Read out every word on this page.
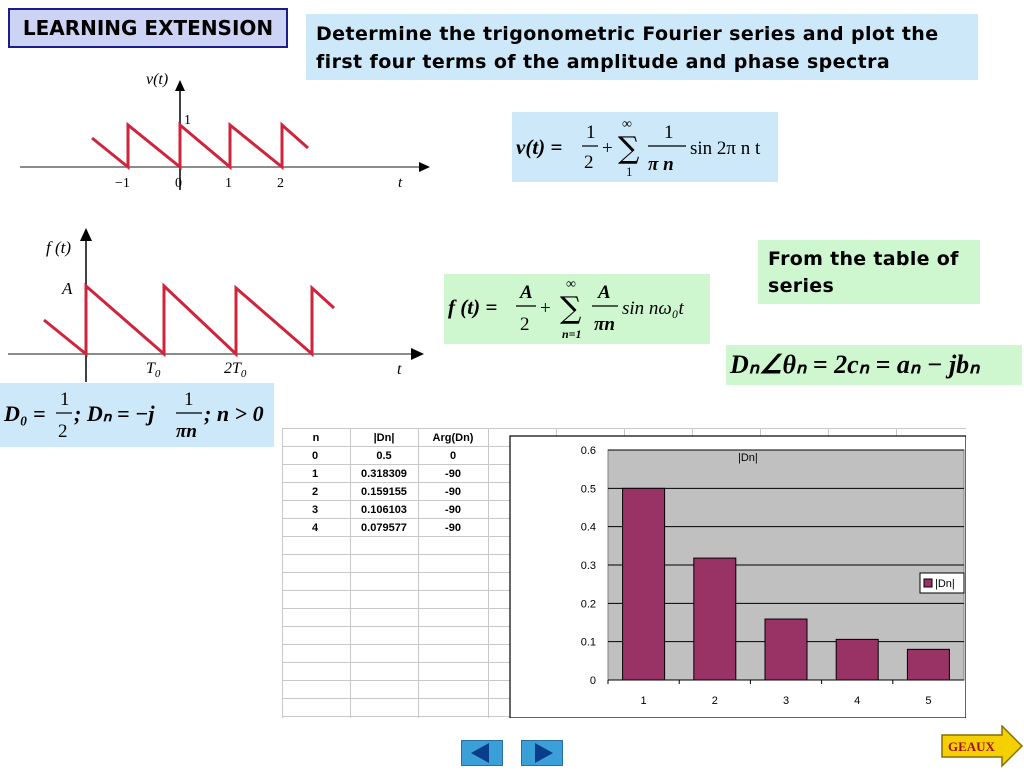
LEARNING EXTENSION	Determine the trigonometric Fourier series and plot the first four terms of the amplitude and phase spectra
v(t)
1
t
−1	0	1	2
f (t)
A
t
$T_0$	$2T_0$
v(t) =
1
2
+
∞
∑
1
1
π n
sin 2π n t
f (t) =
A
2
+
∞
∑
n=1
A
πn
sin nω₀t
From the table of series
Dₙ∠θₙ = 2cₙ = aₙ − jbₙ
D₀ =
1
2
; Dₙ = −j
1
πn
; n > 0
n	|Dn|	Arg(Dn)
0	0.5	0
1	0.318309	-90
2	0.159155	-90
3	0.106103	-90
4	0.079577	-90
0
0.1
0.2
0.3
0.4
0.5
0.6
1	2	3	4	5
|Dn|
|Dn|
GEAUX
